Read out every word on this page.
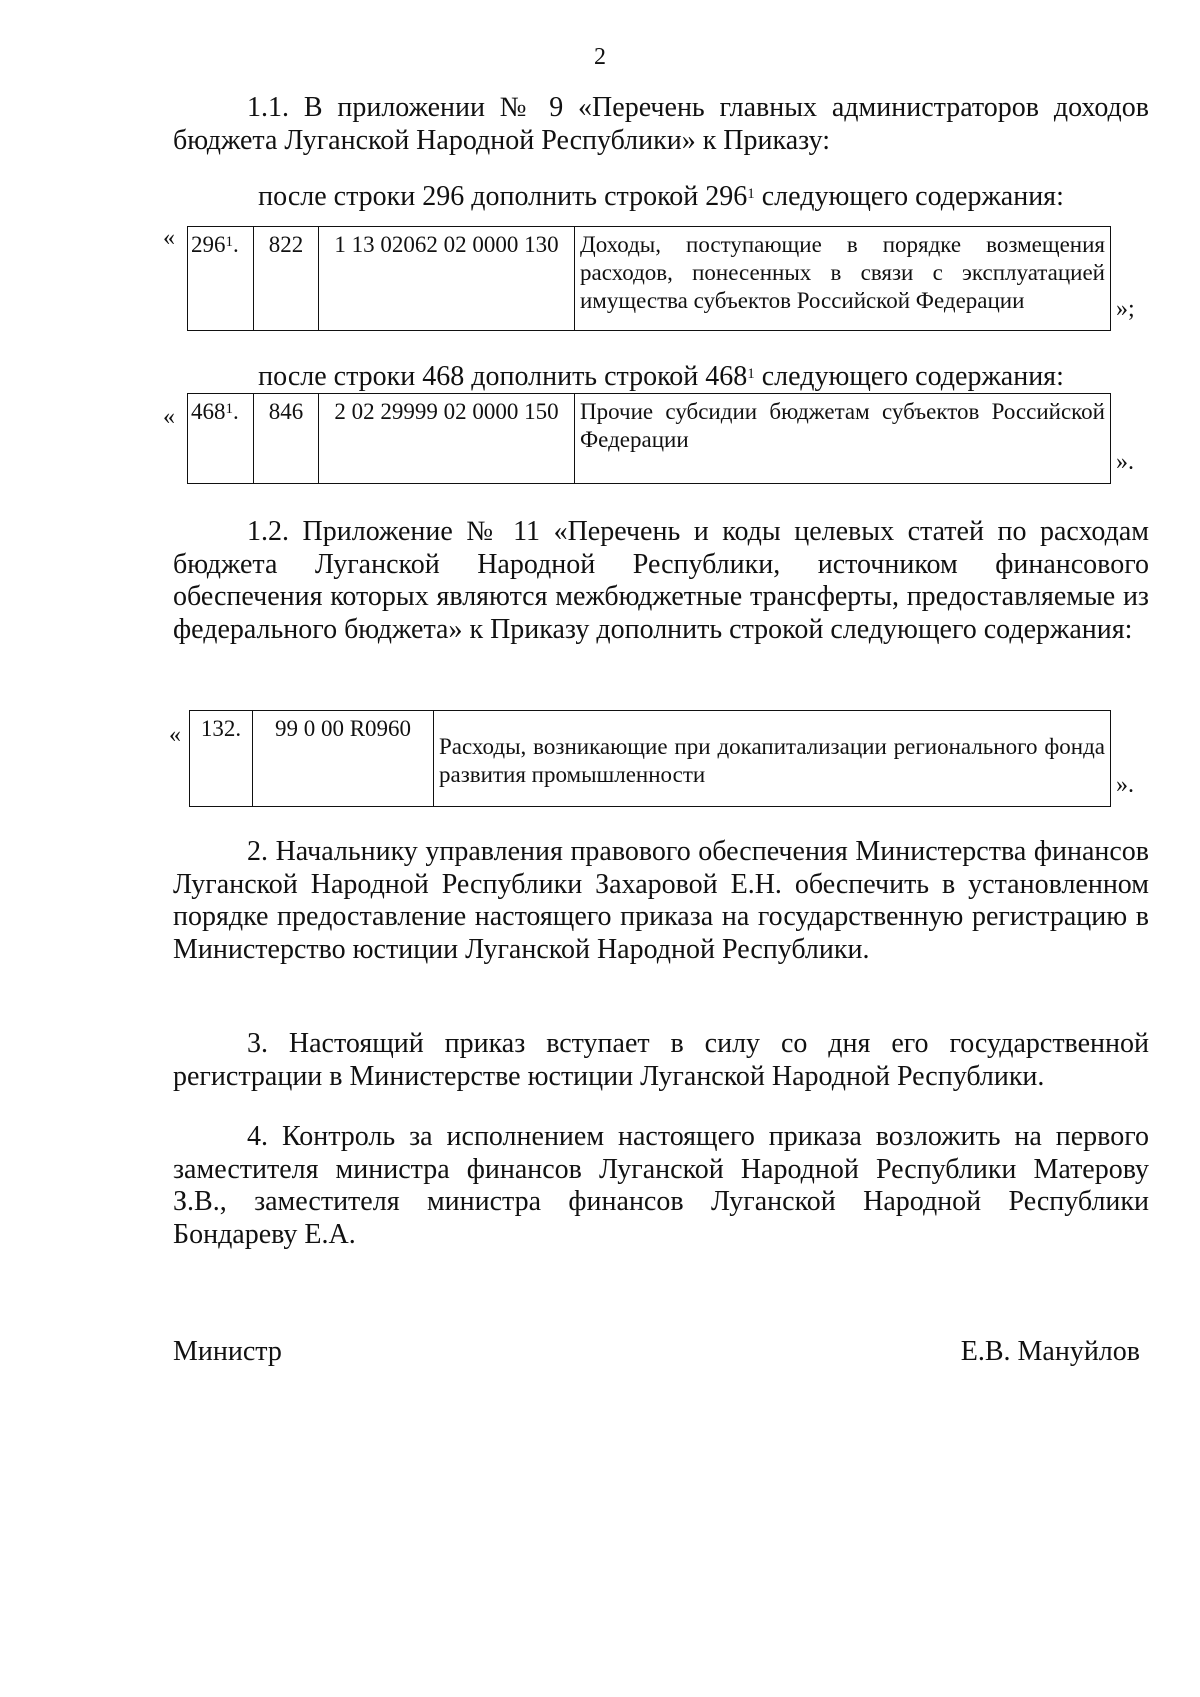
2
1.1. В приложении № 9 «Перечень главных администраторов доходов бюджета Луганской Народной Республики» к Приказу:
после строки 296 дополнить строкой $296^1$ следующего содержания:
« $296^1$.	822	1 13 02062 02 0000 130	Доходы, поступающие в порядке возмещения расходов, понесенных в связи с эксплуатацией имущества субъектов Российской Федерации	»;
после строки 468 дополнить строкой $468^1$ следующего содержания:
« $468^1$.	846	2 02 29999 02 0000 150	Прочие субсидии бюджетам субъектов Российской Федерации
».
1.2. Приложение № 11 «Перечень и коды целевых статей по расходам бюджета Луганской Народной Республики, источником финансового обеспечения которых являются межбюджетные трансферты, предоставляемые из федерального бюджета» к Приказу дополнить строкой следующего содержания:
« 132.	99 0 00 R0960	Расходы, возникающие при докапитализации регионального фонда развития промышленности	».
2. Начальнику управления правового обеспечения Министерства финансов Луганской Народной Республики Захаровой Е.Н. обеспечить в установленном порядке предоставление настоящего приказа на государственную регистрацию в Министерство юстиции Луганской Народной Республики.
3. Настоящий приказ вступает в силу со дня его государственной регистрации в Министерстве юстиции Луганской Народной Республики.
4. Контроль за исполнением настоящего приказа возложить на первого заместителя министра финансов Луганской Народной Республики Матерову З.В., заместителя министра финансов Луганской Народной Республики Бондареву Е.А.
Министр	Е.В. Мануйлов
